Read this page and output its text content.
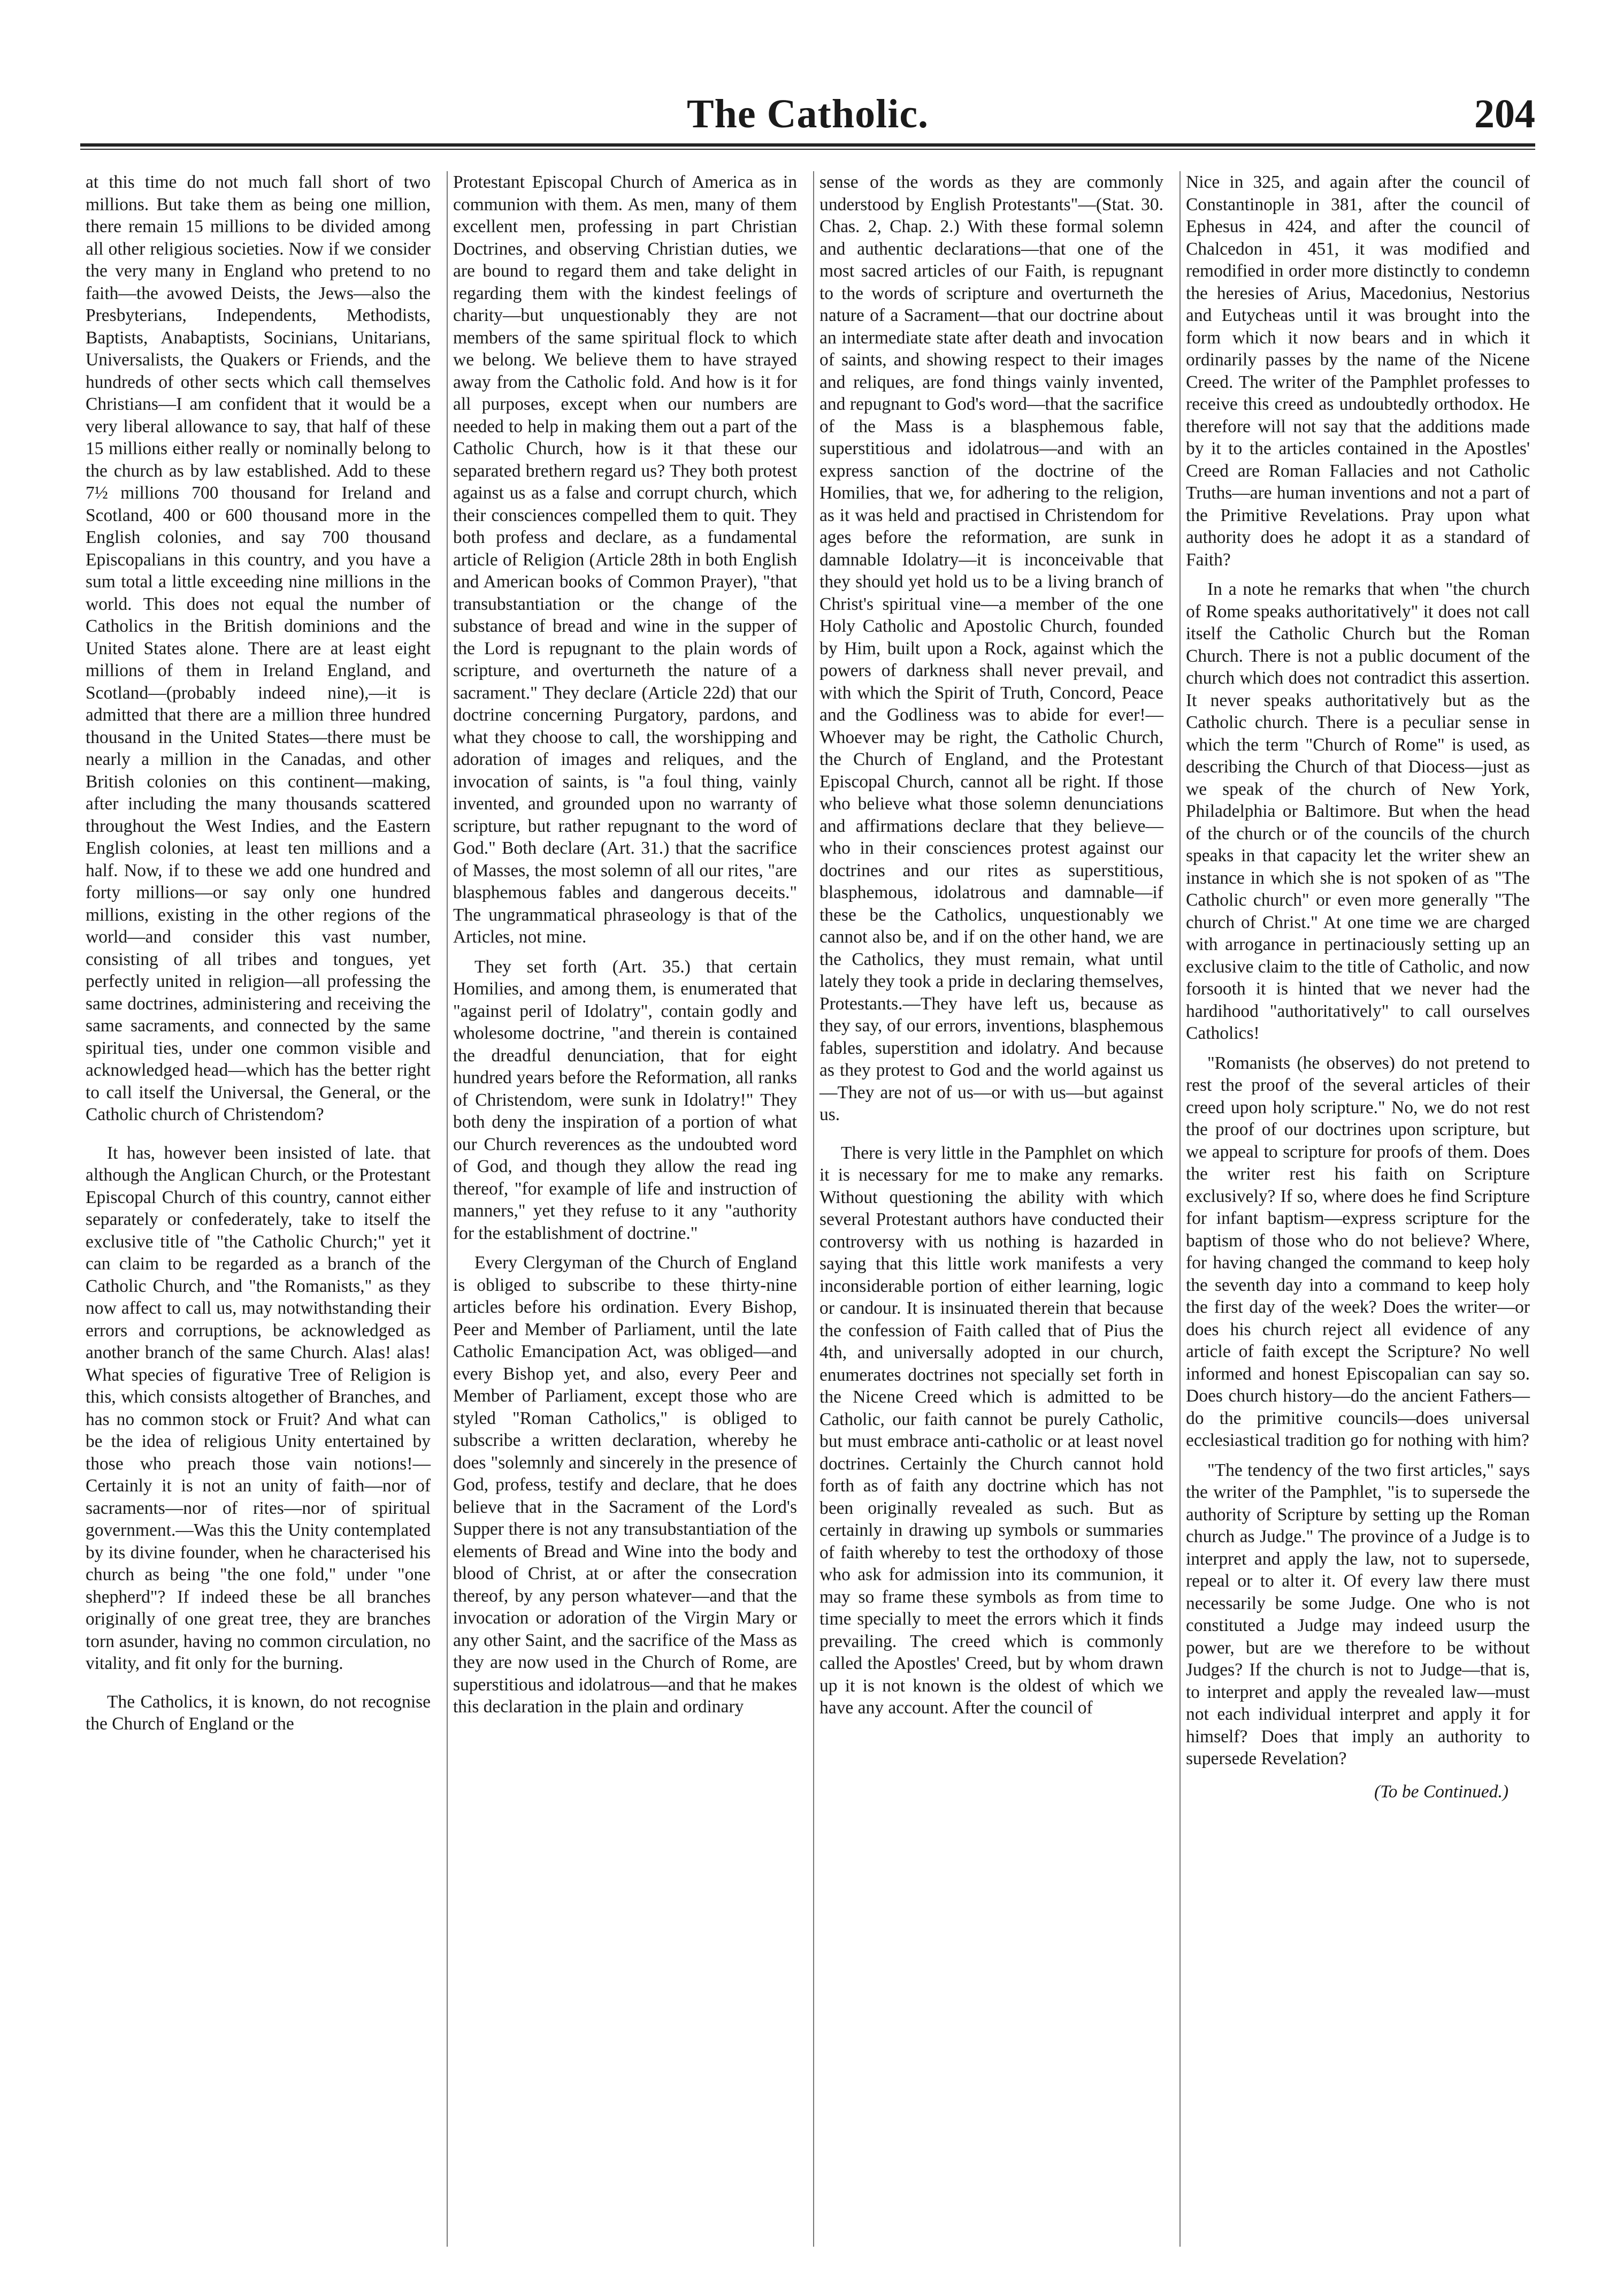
The Catholic.	204

at this time do not much fall short of two millions. But take them as being one million, there remain 15 millions to be divided among all other religious societies. Now if we consider the very many in England who pretend to no faith—the avowed Deists, the Jews—also the Presbyterians, Independents, Methodists, Baptists, Anabaptists, Socinians, Unitarians, Universalists, the Quakers or Friends, and the hundreds of other sects which call themselves Christians—I am confident that it would be a very liberal allowance to say, that half of these 15 millions either really or nominally belong to the church as by law established. Add to these 7½ millions 700 thousand for Ireland and Scotland, 400 or 600 thousand more in the English colonies, and say 700 thousand Episcopalians in this country, and you have a sum total a little exceeding nine millions in the world. This does not equal the number of Catholics in the British dominions and the United States alone. There are at least eight millions of them in Ireland England, and Scotland—(probably indeed nine),—it is admitted that there are a million three hundred thousand in the United States—there must be nearly a million in the Canadas, and other British colonies on this continent—making, after including the many thousands scattered throughout the West Indies, and the Eastern English colonies, at least ten millions and a half. Now, if to these we add one hundred and forty millions—or say only one hundred millions, existing in the other regions of the world—and consider this vast number, consisting of all tribes and tongues, yet perfectly united in religion—all professing the same doctrines, administering and receiving the same sacraments, and connected by the same spiritual ties, under one common visible and acknowledged head—which has the better right to call itself the Universal, the General, or the Catholic church of Christendom?

It has, however been insisted of late. that although the Anglican Church, or the Protestant Episcopal Church of this country, cannot either separately or confederately, take to itself the exclusive title of "the Catholic Church;" yet it can claim to be regarded as a branch of the Catholic Church, and "the Romanists," as they now affect to call us, may notwithstanding their errors and corruptions, be acknowledged as another branch of the same Church. Alas! alas! What species of figurative Tree of Religion is this, which consists altogether of Branches, and has no common stock or Fruit? And what can be the idea of religious Unity entertained by those who preach those vain notions!—Certainly it is not an unity of faith—nor of sacraments—nor of rites—nor of spiritual government.—Was this the Unity contemplated by its divine founder, when he characterised his church as being "the one fold," under "one shepherd"? If indeed these be all branches originally of one great tree, they are branches torn asunder, having no common circulation, no vitality, and fit only for the burning.

The Catholics, it is known, do not recognise the Church of England or the

Protestant Episcopal Church of America as in communion with them. As men, many of them excellent men, professing in part Christian Doctrines, and observing Christian duties, we are bound to regard them and take delight in regarding them with the kindest feelings of charity—but unquestionably they are not members of the same spiritual flock to which we belong. We believe them to have strayed away from the Catholic fold. And how is it for all purposes, except when our numbers are needed to help in making them out a part of the Catholic Church, how is it that these our separated brethern regard us? They both protest against us as a false and corrupt church, which their consciences compelled them to quit. They both profess and declare, as a fundamental article of Religion (Article 28th in both English and American books of Common Prayer), "that transubstantiation or the change of the substance of bread and wine in the supper of the Lord is repugnant to the plain words of scripture, and overturneth the nature of a sacrament." They declare (Article 22d) that our doctrine concerning Purgatory, pardons, and what they choose to call, the worshipping and adoration of images and reliques, and the invocation of saints, is "a foul thing, vainly invented, and grounded upon no warranty of scripture, but rather repugnant to the word of God." Both declare (Art. 31.) that the sacrifice of Masses, the most solemn of all our rites, "are blasphemous fables and dangerous deceits." The ungrammatical phraseology is that of the Articles, not mine.

They set forth (Art. 35.) that certain Homilies, and among them, is enumerated that "against peril of Idolatry", contain godly and wholesome doctrine, "and therein is contained the dreadful denunciation, that for eight hundred years before the Reformation, all ranks of Christendom, were sunk in Idolatry!" They both deny the inspiration of a portion of what our Church reverences as the undoubted word of God, and though they allow the read ing thereof, "for example of life and instruction of manners," yet they refuse to it any "authority for the establishment of doctrine."

Every Clergyman of the Church of England is obliged to subscribe to these thirty-nine articles before his ordination. Every Bishop, Peer and Member of Parliament, until the late Catholic Emancipation Act, was obliged—and every Bishop yet, and also, every Peer and Member of Parliament, except those who are styled "Roman Catholics," is obliged to subscribe a written declaration, whereby he does "solemnly and sincerely in the presence of God, profess, testify and declare, that he does believe that in the Sacrament of the Lord's Supper there is not any transubstantiation of the elements of Bread and Wine into the body and blood of Christ, at or after the consecration thereof, by any person whatever—and that the invocation or adoration of the Virgin Mary or any other Saint, and the sacrifice of the Mass as they are now used in the Church of Rome, are superstitious and idolatrous—and that he makes this declaration in the plain and ordinary

sense of the words as they are commonly understood by English Protestants"—(Stat. 30. Chas. 2, Chap. 2.) With these formal solemn and authentic declarations—that one of the most sacred articles of our Faith, is repugnant to the words of scripture and overturneth the nature of a Sacrament—that our doctrine about an intermediate state after death and invocation of saints, and showing respect to their images and reliques, are fond things vainly invented, and repugnant to God's word—that the sacrifice of the Mass is a blasphemous fable, superstitious and idolatrous—and with an express sanction of the doctrine of the Homilies, that we, for adhering to the religion, as it was held and practised in Christendom for ages before the reformation, are sunk in damnable Idolatry—it is inconceivable that they should yet hold us to be a living branch of Christ's spiritual vine—a member of the one Holy Catholic and Apostolic Church, founded by Him, built upon a Rock, against which the powers of darkness shall never prevail, and with which the Spirit of Truth, Concord, Peace and the Godliness was to abide for ever!—Whoever may be right, the Catholic Church, the Church of England, and the Protestant Episcopal Church, cannot all be right. If those who believe what those solemn denunciations and affirmations declare that they believe—who in their consciences protest against our doctrines and our rites as superstitious, blasphemous, idolatrous and damnable—if these be the Catholics, unquestionably we cannot also be, and if on the other hand, we are the Catholics, they must remain, what until lately they took a pride in declaring themselves, Protestants.—They have left us, because as they say, of our errors, inventions, blasphemous fables, superstition and idolatry. And because as they protest to God and the world against us—They are not of us—or with us—but against us.

There is very little in the Pamphlet on which it is necessary for me to make any remarks. Without questioning the ability with which several Protestant authors have conducted their controversy with us nothing is hazarded in saying that this little work manifests a very inconsiderable portion of either learning, logic or candour. It is insinuated therein that because the confession of Faith called that of Pius the 4th, and universally adopted in our church, enumerates doctrines not specially set forth in the Nicene Creed which is admitted to be Catholic, our faith cannot be purely Catholic, but must embrace anti-catholic or at least novel doctrines. Certainly the Church cannot hold forth as of faith any doctrine which has not been originally revealed as such. But as certainly in drawing up symbols or summaries of faith whereby to test the orthodoxy of those who ask for admission into its communion, it may so frame these symbols as from time to time specially to meet the errors which it finds prevailing. The creed which is commonly called the Apostles' Creed, but by whom drawn up it is not known is the oldest of which we have any account. After the council of

Nice in 325, and again after the council of Constantinople in 381, after the council of Ephesus in 424, and after the council of Chalcedon in 451, it was modified and remodified in order more distinctly to condemn the heresies of Arius, Macedonius, Nestorius and Eutycheas until it was brought into the form which it now bears and in which it ordinarily passes by the name of the Nicene Creed. The writer of the Pamphlet professes to receive this creed as undoubtedly orthodox. He therefore will not say that the additions made by it to the articles contained in the Apostles' Creed are Roman Fallacies and not Catholic Truths—are human inventions and not a part of the Primitive Revelations. Pray upon what authority does he adopt it as a standard of Faith?

In a note he remarks that when "the church of Rome speaks authoritatively" it does not call itself the Catholic Church but the Roman Church. There is not a public document of the church which does not contradict this assertion. It never speaks authoritatively but as the Catholic church. There is a peculiar sense in which the term "Church of Rome" is used, as describing the Church of that Diocess—just as we speak of the church of New York, Philadelphia or Baltimore. But when the head of the church or of the councils of the church speaks in that capacity let the writer shew an instance in which she is not spoken of as "The Catholic church" or even more generally "The church of Christ." At one time we are charged with arrogance in pertinaciously setting up an exclusive claim to the title of Catholic, and now forsooth it is hinted that we never had the hardihood "authoritatively" to call ourselves Catholics!

"Romanists (he observes) do not pretend to rest the proof of the several articles of their creed upon holy scripture." No, we do not rest the proof of our doctrines upon scripture, but we appeal to scripture for proofs of them. Does the writer rest his faith on Scripture exclusively? If so, where does he find Scripture for infant baptism—express scripture for the baptism of those who do not believe? Where, for having changed the command to keep holy the seventh day into a command to keep holy the first day of the week? Does the writer—or does his church reject all evidence of any article of faith except the Scripture? No well informed and honest Episcopalian can say so. Does church history—do the ancient Fathers—do the primitive councils—does universal ecclesiastical tradition go for nothing with him?

"The tendency of the two first articles," says the writer of the Pamphlet, "is to supersede the authority of Scripture by setting up the Roman church as Judge." The province of a Judge is to interpret and apply the law, not to supersede, repeal or to alter it. Of every law there must necessarily be some Judge. One who is not constituted a Judge may indeed usurp the power, but are we therefore to be without Judges? If the church is not to Judge—that is, to interpret and apply the revealed law—must not each individual interpret and apply it for himself? Does that imply an authority to supersede Revelation?

(To be Continued.)
